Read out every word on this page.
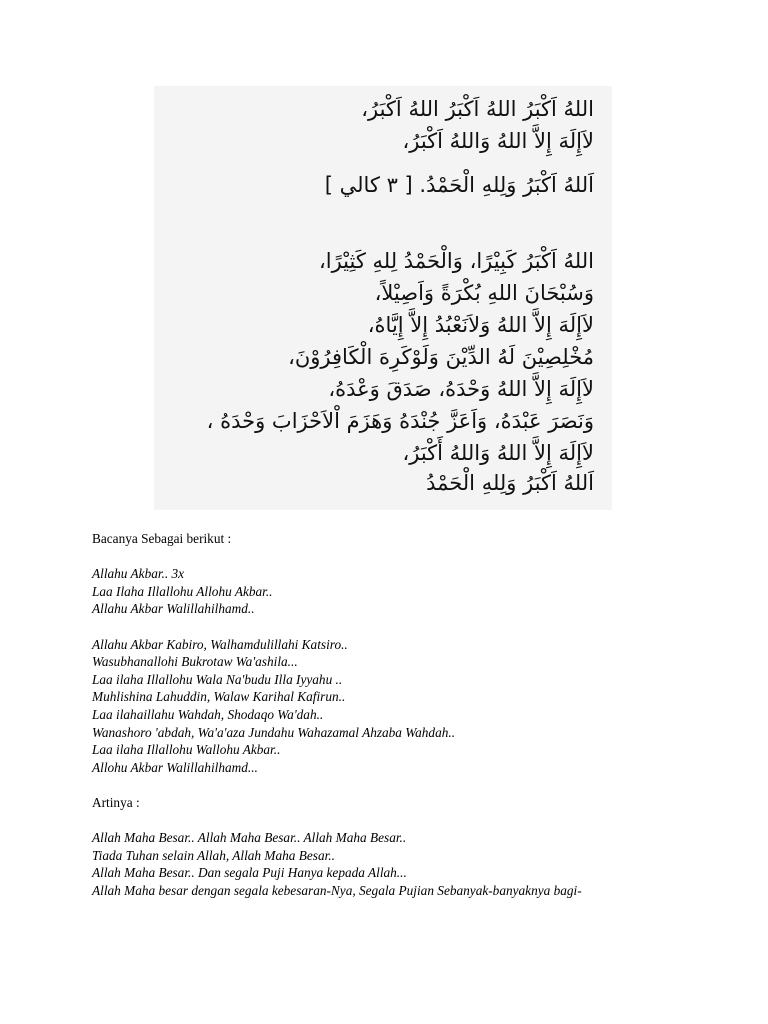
اللهُ اَكْبَرُ اللهُ اَكْبَرُ اللهُ اَكْبَرُ،
لاَإِلَهَ إِلاَّ اللهُ وَاللهُ اَكْبَرُ،
اَللهُ اَكْبَرُ وَلِلهِ الْحَمْدُ. [ ٣ كالي ]
اللهُ اَكْبَرُ كَبِيْرًا، وَالْحَمْدُ لِلهِ كَثِيْرًا،
وَسُبْحَانَ اللهِ بُكْرَةً وَاَصِيْلاً،
لاَإِلَهَ إِلاَّ اللهُ وَلاَنَعْبُدُ إِلاَّ إِيَّاهُ،
مُخْلِصِيْنَ لَهُ الدِّيْنَ وَلَوْكَرِهَ الْكَافِرُوْنَ،
لاَإِلَهَ إِلاَّ اللهُ وَحْدَهُ، صَدَقَ وَعْدَهُ،
وَنَصَرَ عَبْدَهُ، وَاَعَزَّ جُنْدَهُ وَهَزَمَ اْلاَحْزَابَ وَحْدَهُ ،
لاَإِلَهَ إِلاَّ اللهُ وَاللهُ أَكْبَرُ،
اَللهُ اَكْبَرُ وَلِلهِ الْحَمْدُ

Bacanya Sebagai berikut :

Allahu Akbar.. 3x
Laa Ilaha Illallohu Allohu Akbar..
Allahu Akbar Walillahilhamd..

Allahu Akbar Kabiro, Walhamdulillahi Katsiro..
Wasubhanallohi Bukrotaw Wa'ashila...
Laa ilaha Illallohu Wala Na'budu Illa Iyyahu ..
Muhlishina Lahuddin, Walaw Karihal Kafirun..
Laa ilahaillahu Wahdah, Shodaqo Wa'dah..
Wanashoro 'abdah, Wa'a'aza Jundahu Wahazamal Ahzaba Wahdah..
Laa ilaha Illallohu Wallohu Akbar..
Allohu Akbar Walillahilhamd...

Artinya :

Allah Maha Besar.. Allah Maha Besar.. Allah Maha Besar..
Tiada Tuhan selain Allah, Allah Maha Besar..
Allah Maha Besar.. Dan segala Puji Hanya kepada Allah...
Allah Maha besar dengan segala kebesaran-Nya, Segala Pujian Sebanyak-banyaknya bagi-
